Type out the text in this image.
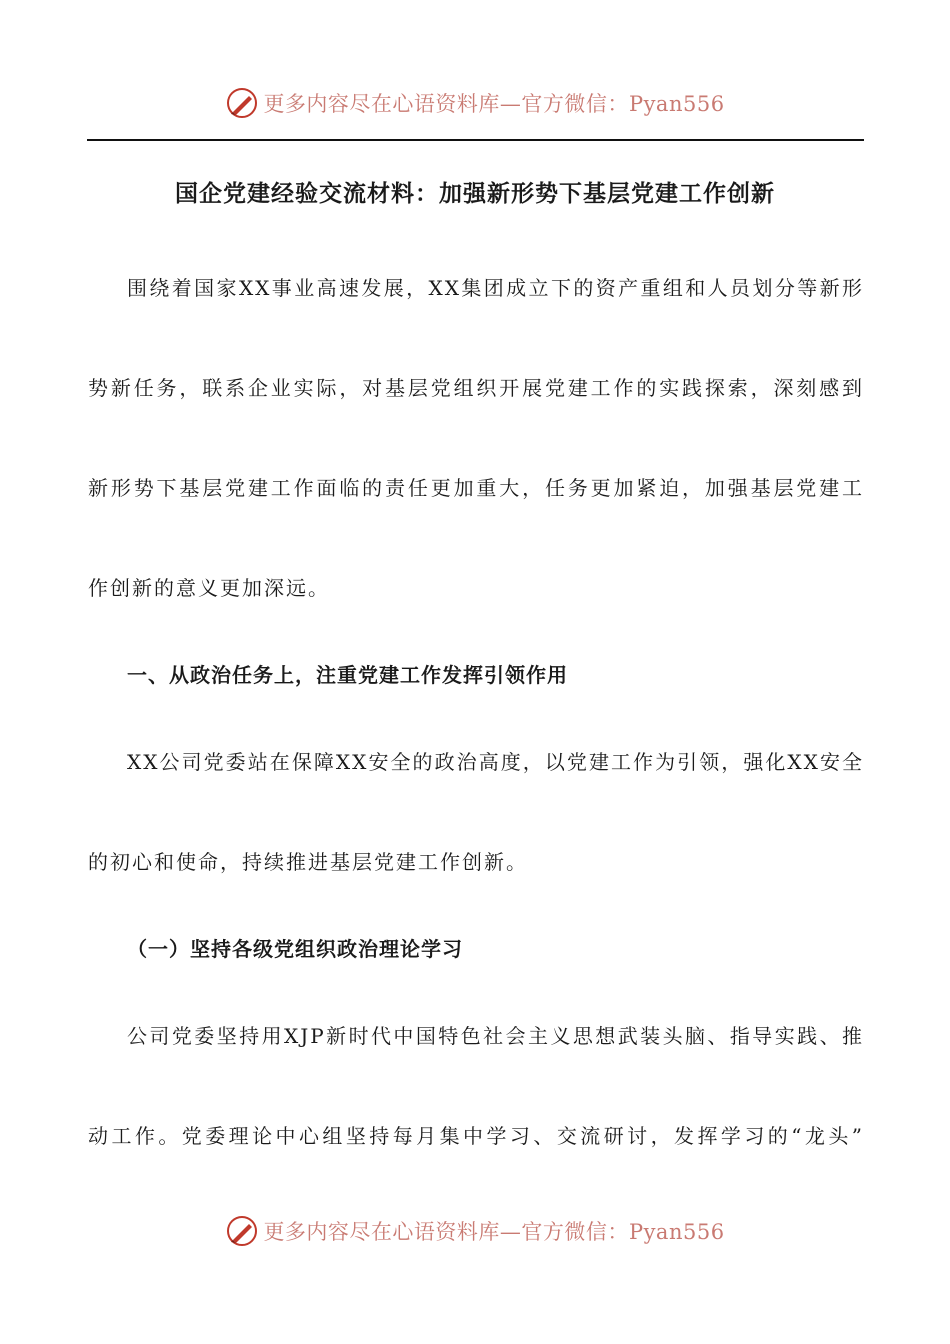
更多内容尽在心语资料库—官方微信：Pyan556
国企党建经验交流材料：加强新形势下基层党建工作创新
围绕着国家XX事业高速发展，XX集团成立下的资产重组和人员划分等新形
势新任务，联系企业实际，对基层党组织开展党建工作的实践探索，深刻感到
新形势下基层党建工作面临的责任更加重大，任务更加紧迫，加强基层党建工
作创新的意义更加深远。
一、从政治任务上，注重党建工作发挥引领作用
XX公司党委站在保障XX安全的政治高度，以党建工作为引领，强化XX安全
的初心和使命，持续推进基层党建工作创新。
（一）坚持各级党组织政治理论学习
公司党委坚持用XJP新时代中国特色社会主义思想武装头脑、指导实践、推
动工作。党委理论中心组坚持每月集中学习、交流研讨，发挥学习的“龙头”
更多内容尽在心语资料库—官方微信：Pyan556
